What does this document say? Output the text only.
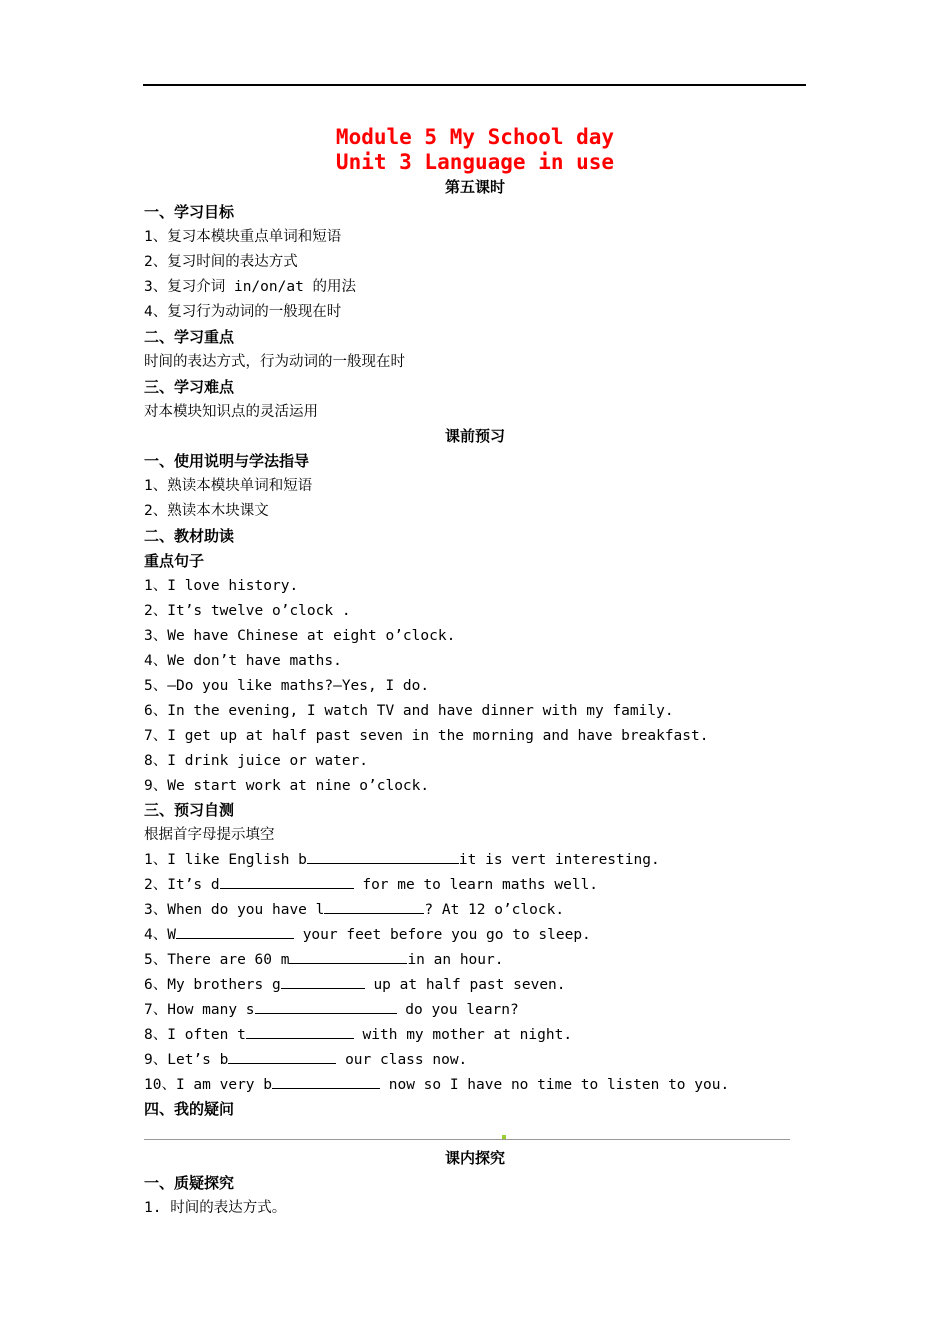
Module 5 My School day
Unit 3 Language in use
第五课时
一、学习目标
1、复习本模块重点单词和短语
2、复习时间的表达方式
3、复习介词 in/on/at 的用法
4、复习行为动词的一般现在时
二、学习重点
时间的表达方式，行为动词的一般现在时
三、学习难点
对本模块知识点的灵活运用
课前预习
一、使用说明与学法指导
1、熟读本模块单词和短语
2、熟读本木块课文
二、教材助读
重点句子
1、I love history.
2、It’s twelve o’clock .
3、We have Chinese at eight o’clock.
4、We don’t have maths.
5、—Do you like maths?—Yes, I do.
6、In the evening, I watch TV and have dinner with my family.
7、I get up at half past seven in the morning and have breakfast.
8、I drink juice or water.
9、We start work at nine o’clock.
三、预习自测
根据首字母提示填空
1、I like English b	it is vert interesting.
2、It’s d	for me to learn maths well.
3、When do you have l	? At 12 o’clock.
4、W	your feet before you go to sleep.
5、There are 60 m	in an hour.
6、My brothers g	up at half past seven.
7、How many s	do you learn?
8、I often t	with my mother at night.
9、Let’s b	our class now.
10、I am very b	now so I have no time to listen to you.
四、我的疑问
课内探究
一、质疑探究
1. 时间的表达方式。
